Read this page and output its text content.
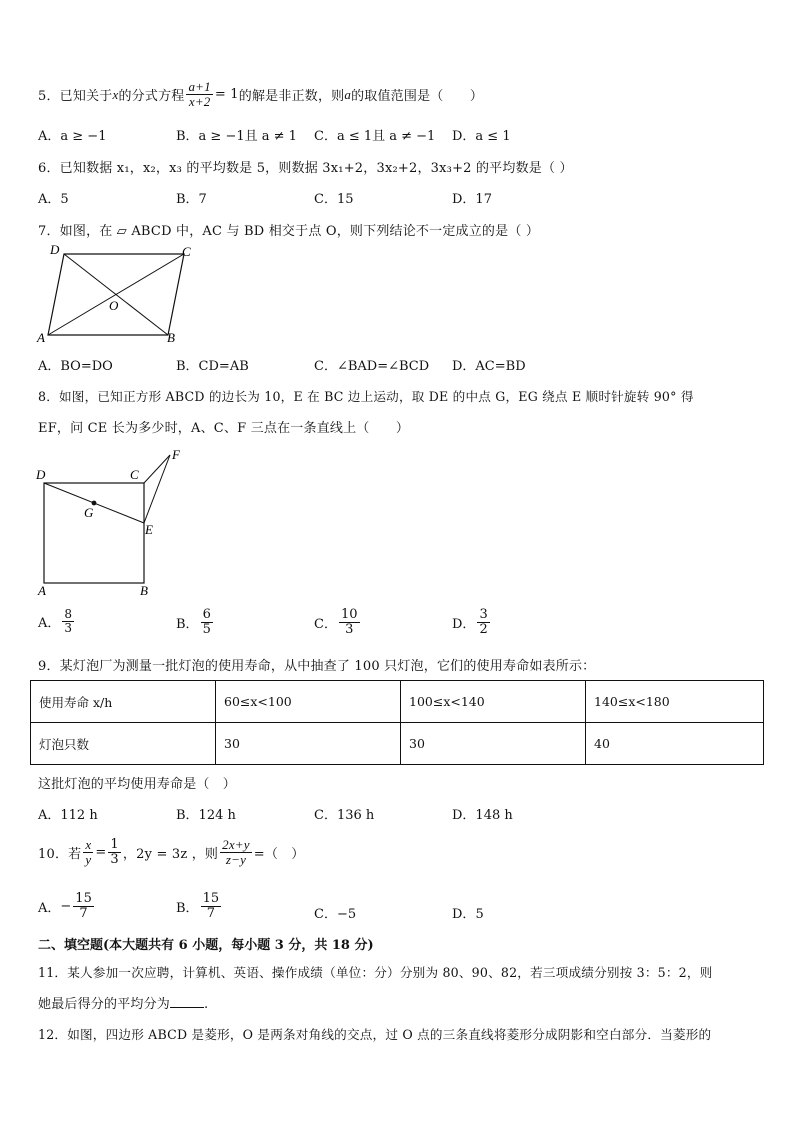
5．已知关于 x 的分式方程 $\frac{a+1}{x+2} = 1$ 的解是非正数，则 a 的取值范围是（　　）
A．a ≥ −1	B．a ≥ −1且 a ≠ 1 C．a ≤ 1且 a ≠ −1 D．a ≤ 1
6．已知数据 x₁，x₂，x₃ 的平均数是 5，则数据 3x₁+2，3x₂+2，3x₃+2 的平均数是（ ）
A．5	B．7	C．15	D．17
7．如图，在 ▱ ABCD 中，AC 与 BD 相交于点 O，则下列结论不一定成立的是（ ）
D	C
O
A	B
A．BO=DO	B．CD=AB	C．∠BAD=∠BCD D．AC=BD
8．如图，已知正方形 ABCD 的边长为 10，E 在 BC 边上运动，取 DE 的中点 G，EG 绕点 E 顺时针旋转 90° 得
EF，问 CE 长为多少时，A、C、F 三点在一条直线上（　　）
D	C
F
G
E
A	B
A． $\frac{8}{3}$	B． $\frac{6}{5}$	C． $\frac{10}{3}$	D． $\frac{3}{2}$
9．某灯泡厂为测量一批灯泡的使用寿命，从中抽查了 100 只灯泡，它们的使用寿命如表所示：
使用寿命 x/h	60≤x<100	100≤x<140	140≤x<180
灯泡只数	30	30	40
这批灯泡的平均使用寿命是（　）
A．112 h	B．124 h	C．136 h	D．148 h
10．若 $\frac{x}{y} = \frac{1}{3}$ ，2y = 3z ，则 $\frac{2x+y}{z-y}$ =（　）
A． − $\frac{15}{7}$	B． $\frac{15}{7}$	C．−5	D．5
二、填空题(本大题共有 6 小题，每小题 3 分，共 18 分)
11．某人参加一次应聘，计算机、英语、操作成绩（单位：分）分别为 80、90、82，若三项成绩分别按 3：5：2，则
她最后得分的平均分为	.
12．如图，四边形 ABCD 是菱形，O 是两条对角线的交点，过 O 点的三条直线将菱形分成阴影和空白部分．当菱形的
